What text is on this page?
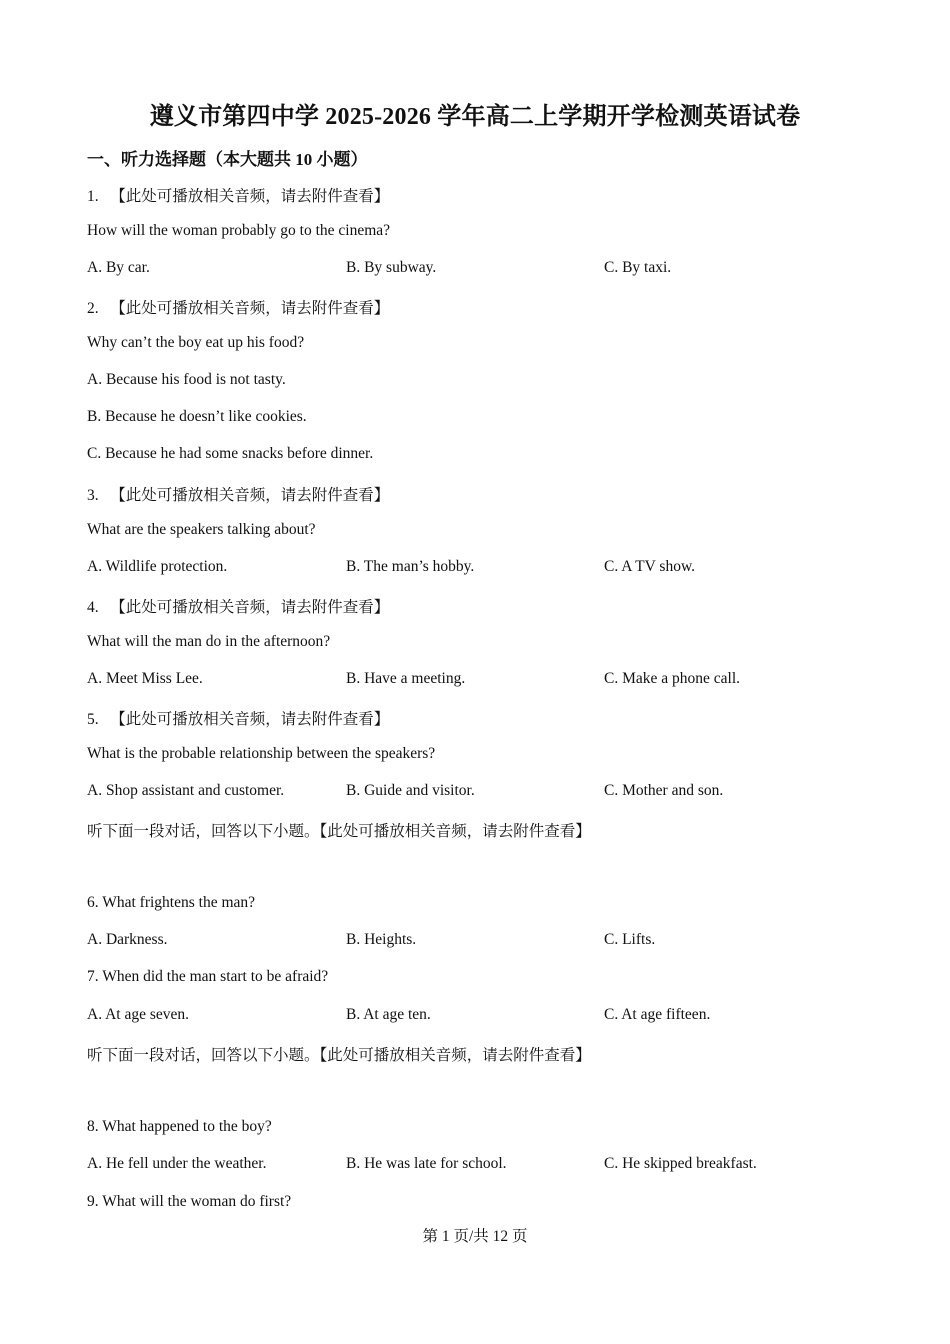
遵义市第四中学 2025-2026 学年高二上学期开学检测英语试卷
一、听力选择题（本大题共 10 小题）
1. 【此处可播放相关音频，请去附件查看】
How will the woman probably go to the cinema?
A. By car.	B. By subway.	C. By taxi.
2. 【此处可播放相关音频，请去附件查看】
Why can’t the boy eat up his food?
A. Because his food is not tasty.
B. Because he doesn’t like cookies.
C. Because he had some snacks before dinner.
3. 【此处可播放相关音频，请去附件查看】
What are the speakers talking about?
A. Wildlife protection.	B. The man’s hobby.	C. A TV show.
4. 【此处可播放相关音频，请去附件查看】
What will the man do in the afternoon?
A. Meet Miss Lee.	B. Have a meeting.	C. Make a phone call.
5. 【此处可播放相关音频，请去附件查看】
What is the probable relationship between the speakers?
A. Shop assistant and customer.	B. Guide and visitor.	C. Mother and son.
听下面一段对话，回答以下小题。【此处可播放相关音频，请去附件查看】
6. What frightens the man?
A. Darkness.	B. Heights.	C. Lifts.
7. When did the man start to be afraid?
A. At age seven.	B. At age ten.	C. At age fifteen.
听下面一段对话，回答以下小题。【此处可播放相关音频，请去附件查看】
8. What happened to the boy?
A. He fell under the weather.	B. He was late for school.	C. He skipped breakfast.
9. What will the woman do first?
第 1 页/共 12 页
